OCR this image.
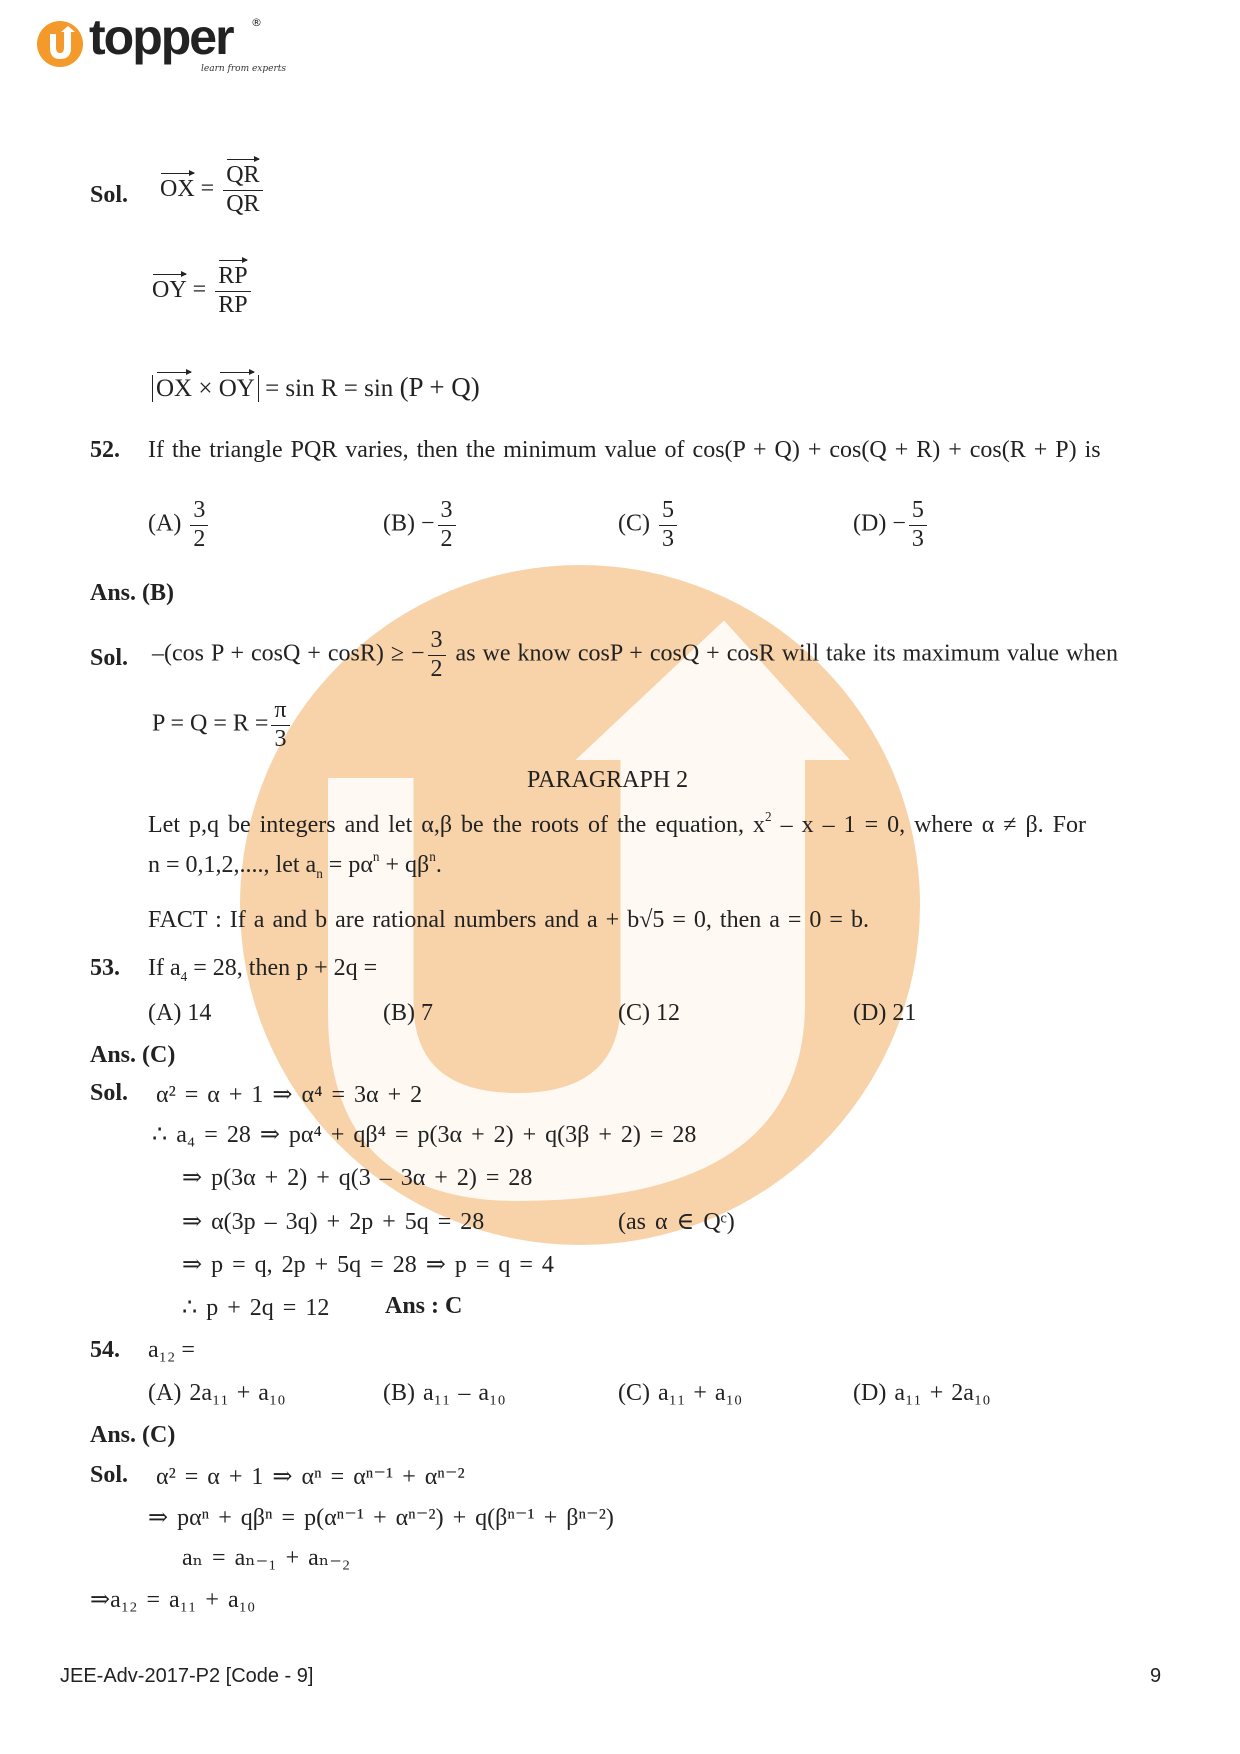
topper ®
learn from experts
Sol. OX = $\frac{QR}{QR}$
OY = $\frac{RP}{RP}$
OX × OY = sin R = sin (P + Q)
52. If the triangle PQR varies, then the minimum value of cos(P + Q) + cos(Q + R) + cos(R + P) is
$(A) \frac{3}{2}$	$(B) - \frac{3}{2}$	$(C) \frac{5}{3}$	$(D) - \frac{5}{3}$
Ans. (B)
Sol. –(cos P + cosQ + cosR) ≥ − $\frac{3}{2}$ as we know cosP + cosQ + cosR will take its maximum value when
$P = Q = R = \frac{\pi}{3}$
PARAGRAPH 2
Let p,q be integers and let α,β be the roots of the equation, $x^2 - x - 1 = 0$, where α ≠ β. For
n = 0,1,2,...., let $a_n = p\alpha^n + q\beta^n$.
FACT : If a and b are rational numbers and a + b√5 = 0, then a = 0 = b.
53. If $a_4 = 28$, then p + 2q =
(A) 14	(B) 7	(C) 12	(D) 21
Ans. (C)
Sol. α² = α + 1 ⇒ α⁴ = 3α + 2
∴ a₄ = 28 ⇒ pα⁴ + qβ⁴ = p(3α + 2) + q(3β + 2) = 28
⇒ p(3α + 2) + q(3 – 3α + 2) = 28
⇒ α(3p – 3q) + 2p + 5q = 28	(as α ∈ Qᶜ)
⇒ p = q, 2p + 5q = 28 ⇒ p = q = 4
∴ p + 2q = 12 Ans : C
54. a₁₂ =
(A) 2a₁₁ + a₁₀	(B) a₁₁ – a₁₀	(C) a₁₁ + a₁₀	(D) a₁₁ + 2a₁₀
Ans. (C)
Sol. α² = α + 1 ⇒ αⁿ = αⁿ⁻¹ + αⁿ⁻²
⇒ pαⁿ + qβⁿ = p(αⁿ⁻¹ + αⁿ⁻²) + q(βⁿ⁻¹ + βⁿ⁻²)
aₙ = aₙ₋₁ + aₙ₋₂
⇒a₁₂ = a₁₁ + a₁₀
JEE-Adv-2017-P2 [Code - 9]	9
